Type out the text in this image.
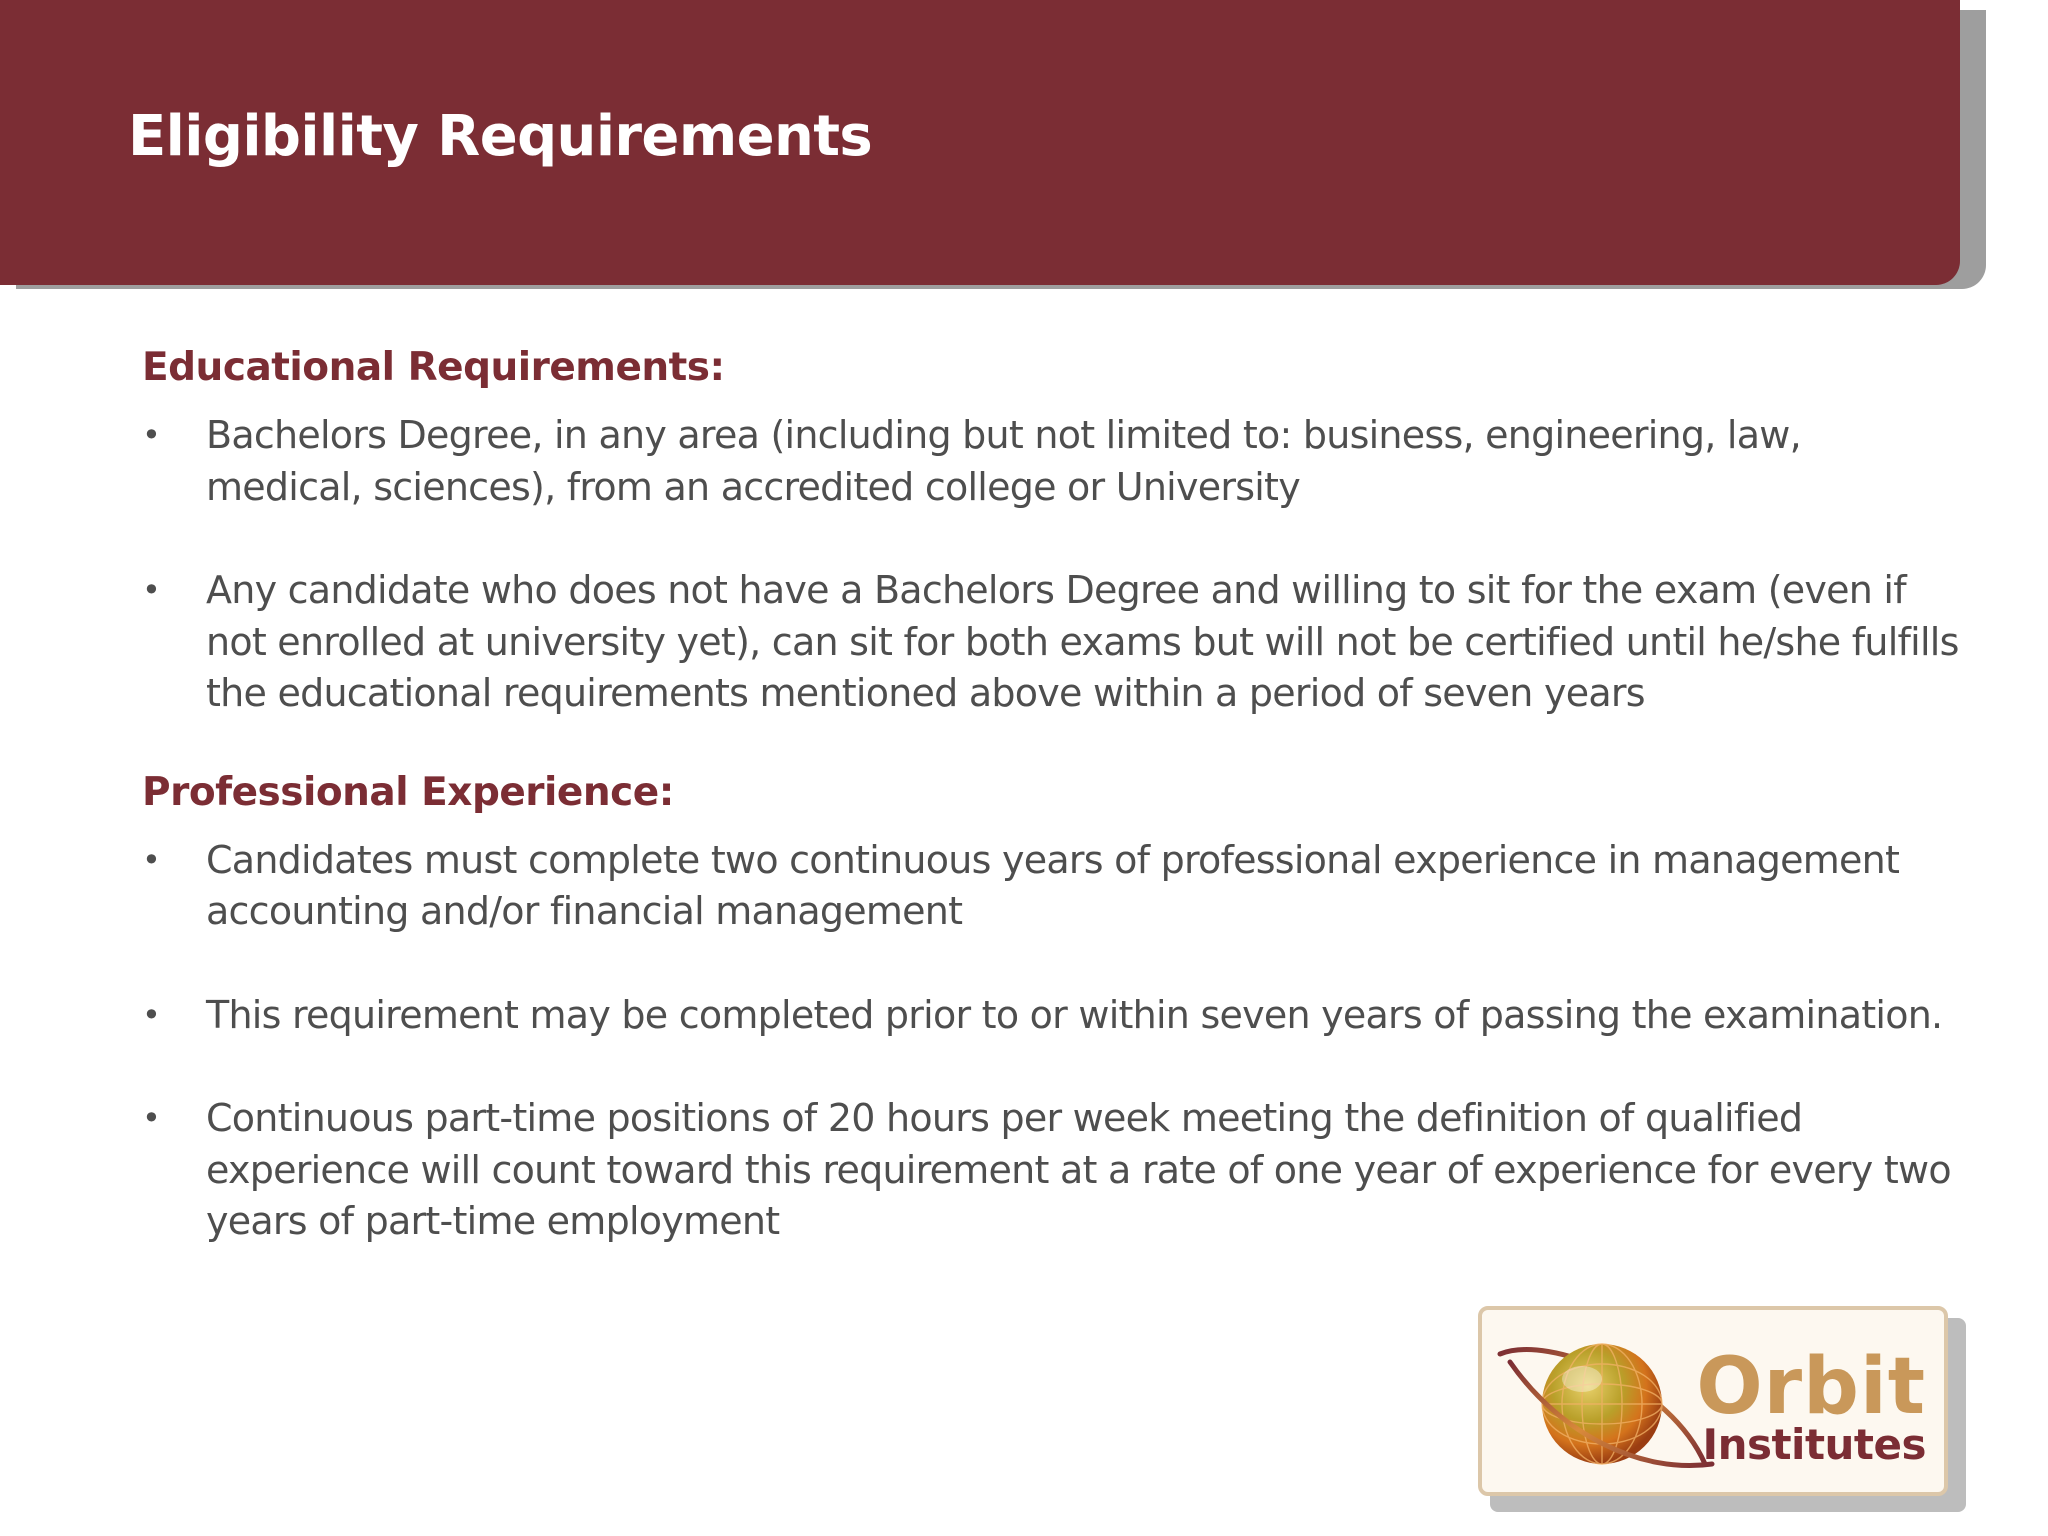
Eligibility Requirements
Educational Requirements:
• Bachelors Degree, in any area (including but not limited to: business, engineering, law, medical, sciences), from an accredited college or University
• Any candidate who does not have a Bachelors Degree and willing to sit for the exam (even if not enrolled at university yet), can sit for both exams but will not be certified until he/she fulfills the educational requirements mentioned above within a period of seven years
Professional Experience:
• Candidates must complete two continuous years of professional experience in management accounting and/or financial management
• This requirement may be completed prior to or within seven years of passing the examination.
• Continuous part-time positions of 20 hours per week meeting the definition of qualified experience will count toward this requirement at a rate of one year of experience for every two years of part-time employment
Orbit
Institutes
